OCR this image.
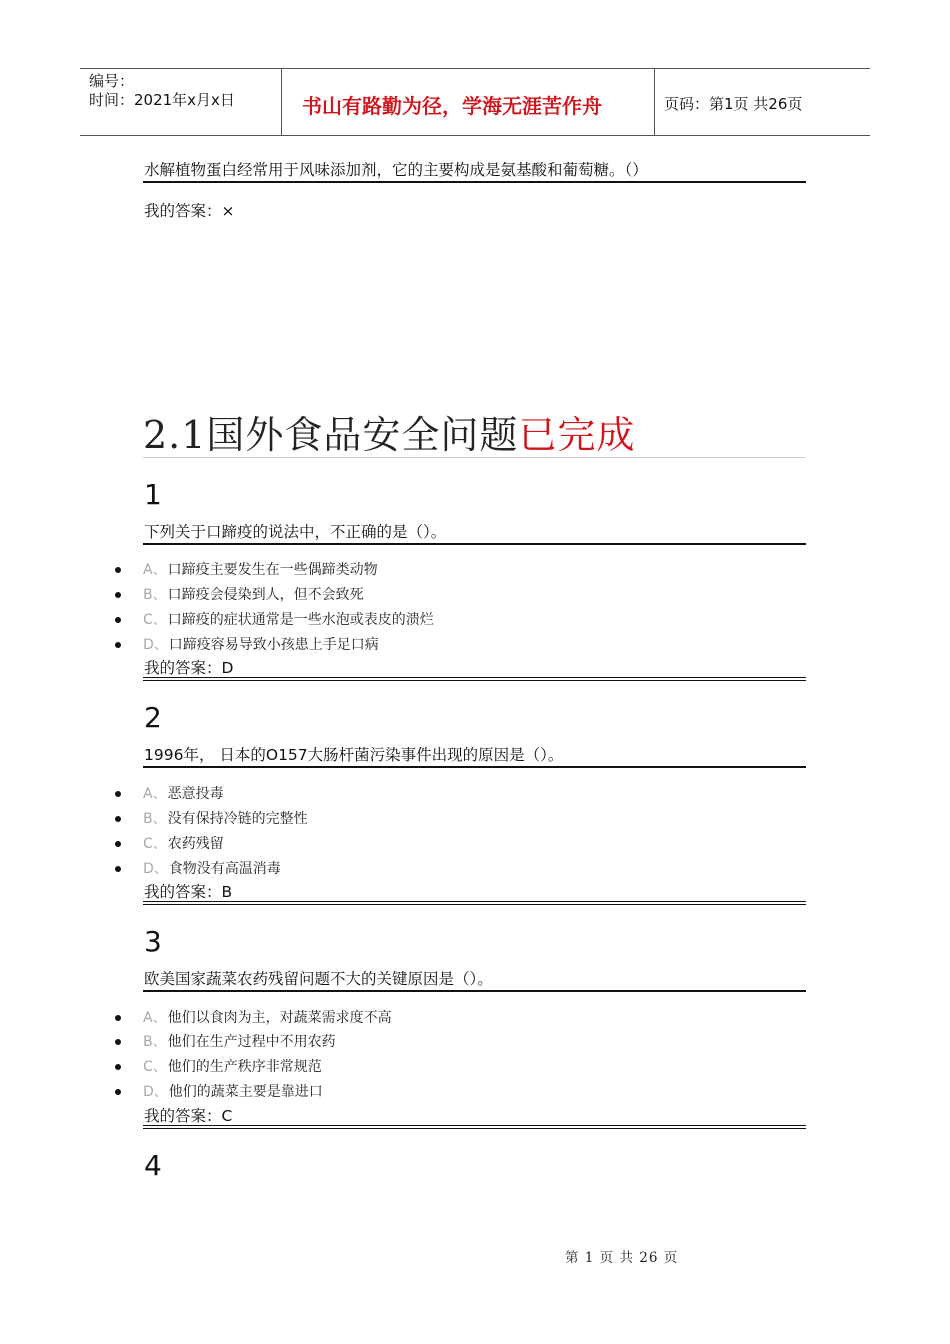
编号：
时间：2021年x月x日	书山有路勤为径，学海无涯苦作舟	页码：第1页 共26页
水解植物蛋白经常用于风味添加剂，它的主要构成是氨基酸和葡萄糖。（）
我的答案：×
2.1国外食品安全问题已完成
1
下列关于口蹄疫的说法中，不正确的是（）。
A、口蹄疫主要发生在一些偶蹄类动物
B、口蹄疫会侵染到人，但不会致死
C、口蹄疫的症状通常是一些水泡或表皮的溃烂
D、口蹄疫容易导致小孩患上手足口病
我的答案：D
2
1996年， 日本的O157大肠杆菌污染事件出现的原因是（）。
A、恶意投毒
B、没有保持冷链的完整性
C、农药残留
D、食物没有高温消毒
我的答案：B
3
欧美国家蔬菜农药残留问题不大的关键原因是（）。
A、他们以食肉为主，对蔬菜需求度不高
B、他们在生产过程中不用农药
C、他们的生产秩序非常规范
D、他们的蔬菜主要是靠进口
我的答案：C
4
第 1 页 共 26 页
